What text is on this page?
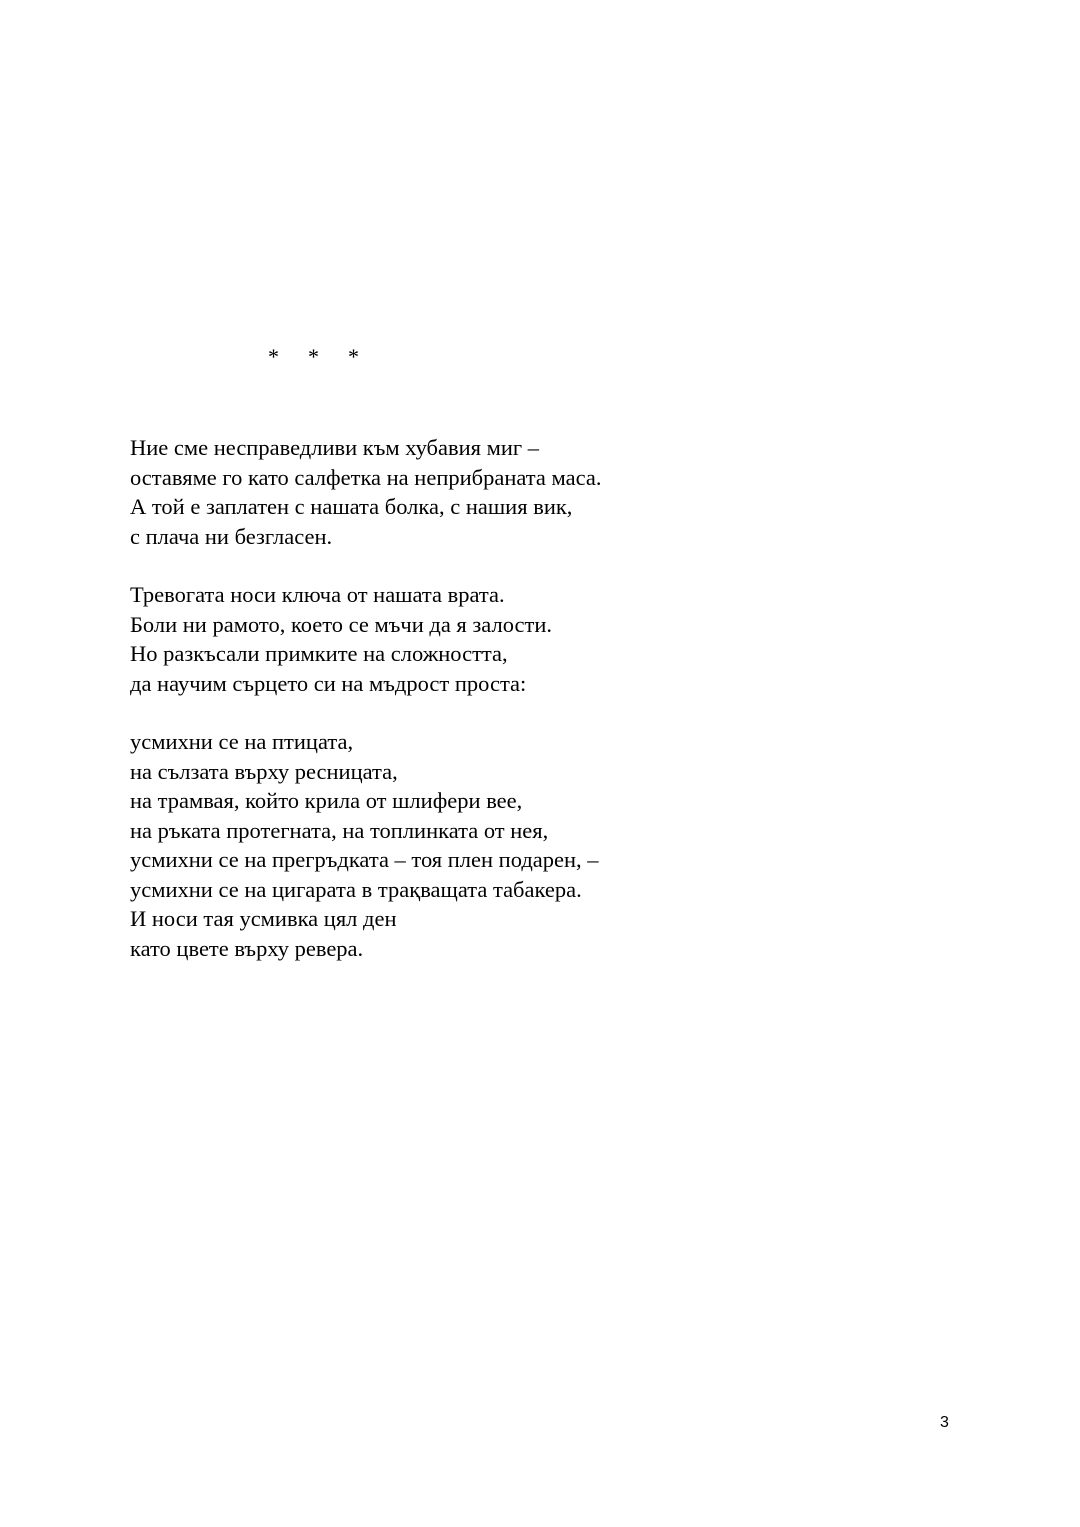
*  *  *
Ние сме несправедливи към хубавия миг –
оставяме го като салфетка на неприбраната маса.
А той е заплатен с нашата болка, с нашия вик,
с плача ни безгласен.
Тревогата носи ключа от нашата врата.
Боли ни рамото, което се мъчи да я залости.
Но разкъсали примките на сложността,
да научим сърцето си на мъдрост проста:
усмихни се на птицата,
на сълзата върху ресницата,
на трамвая, който крила от шлифери вее,
на ръката протегната, на топлинката от нея,
усмихни се на прегръдката – тоя плен подарен, –
усмихни се на цигарата в трақващата табакера.
И носи тая усмивка цял ден
като цвете върху ревера.
3
